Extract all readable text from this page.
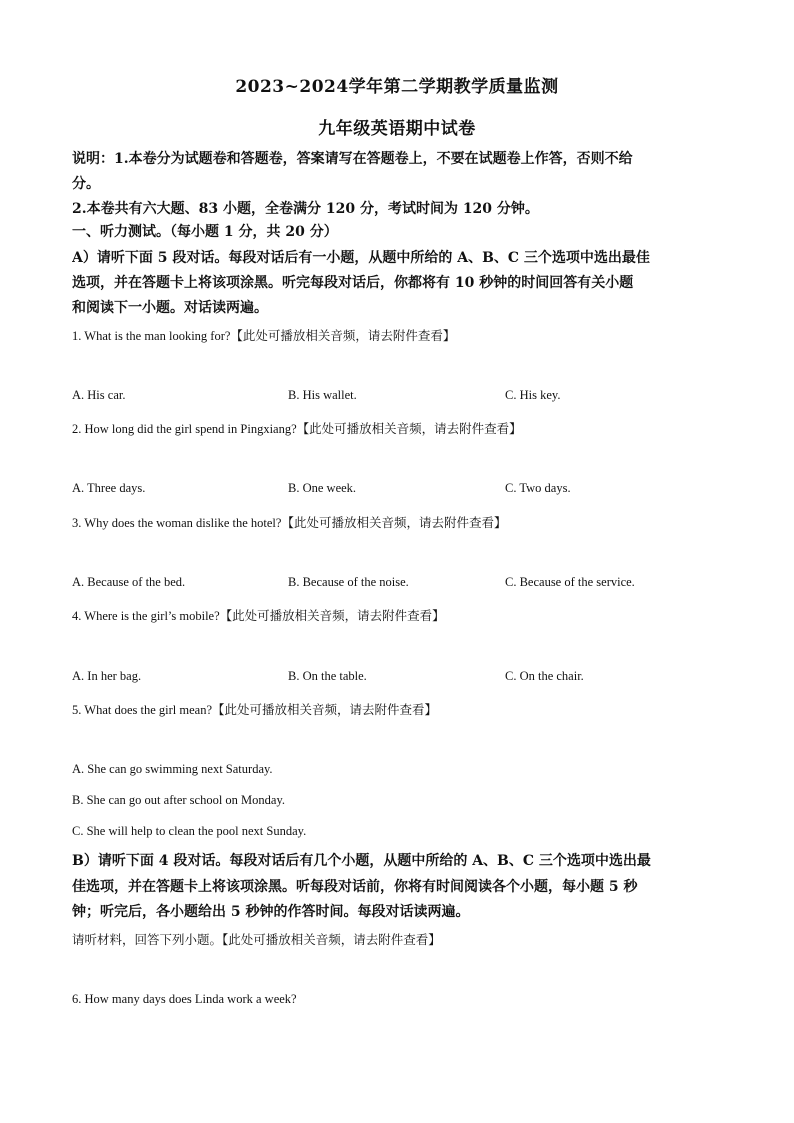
2023~2024学年第二学期教学质量监测
九年级英语期中试卷
说明：1.本卷分为试题卷和答题卷，答案请写在答题卷上，不要在试题卷上作答，否则不给
分。
2.本卷共有六大题、83 小题，全卷满分 120 分，考试时间为 120 分钟。
一、听力测试。（每小题 1 分，共 20 分）
A）请听下面 5 段对话。每段对话后有一小题，从题中所给的 A、B、C 三个选项中选出最佳
选项，并在答题卡上将该项涂黑。听完每段对话后，你都将有 10 秒钟的时间回答有关小题
和阅读下一小题。对话读两遍。
1. What is the man looking for?【此处可播放相关音频，请去附件查看】
A. His car.	B. His wallet.	C. His key.
2. How long did the girl spend in Pingxiang?【此处可播放相关音频，请去附件查看】
A. Three days.	B. One week.	C. Two days.
3. Why does the woman dislike the hotel?【此处可播放相关音频，请去附件查看】
A. Because of the bed.	B. Because of the noise.	C. Because of the service.
4. Where is the girl’s mobile?【此处可播放相关音频，请去附件查看】
A. In her bag.	B. On the table.	C. On the chair.
5. What does the girl mean?【此处可播放相关音频，请去附件查看】
A. She can go swimming next Saturday.
B. She can go out after school on Monday.
C. She will help to clean the pool next Sunday.
B）请听下面 4 段对话。每段对话后有几个小题，从题中所给的 A、B、C 三个选项中选出最
佳选项，并在答题卡上将该项涂黑。听每段对话前，你将有时间阅读各个小题，每小题 5 秒
钟；听完后，各小题给出 5 秒钟的作答时间。每段对话读两遍。
请听材料，回答下列小题。【此处可播放相关音频，请去附件查看】
6. How many days does Linda work a week?
